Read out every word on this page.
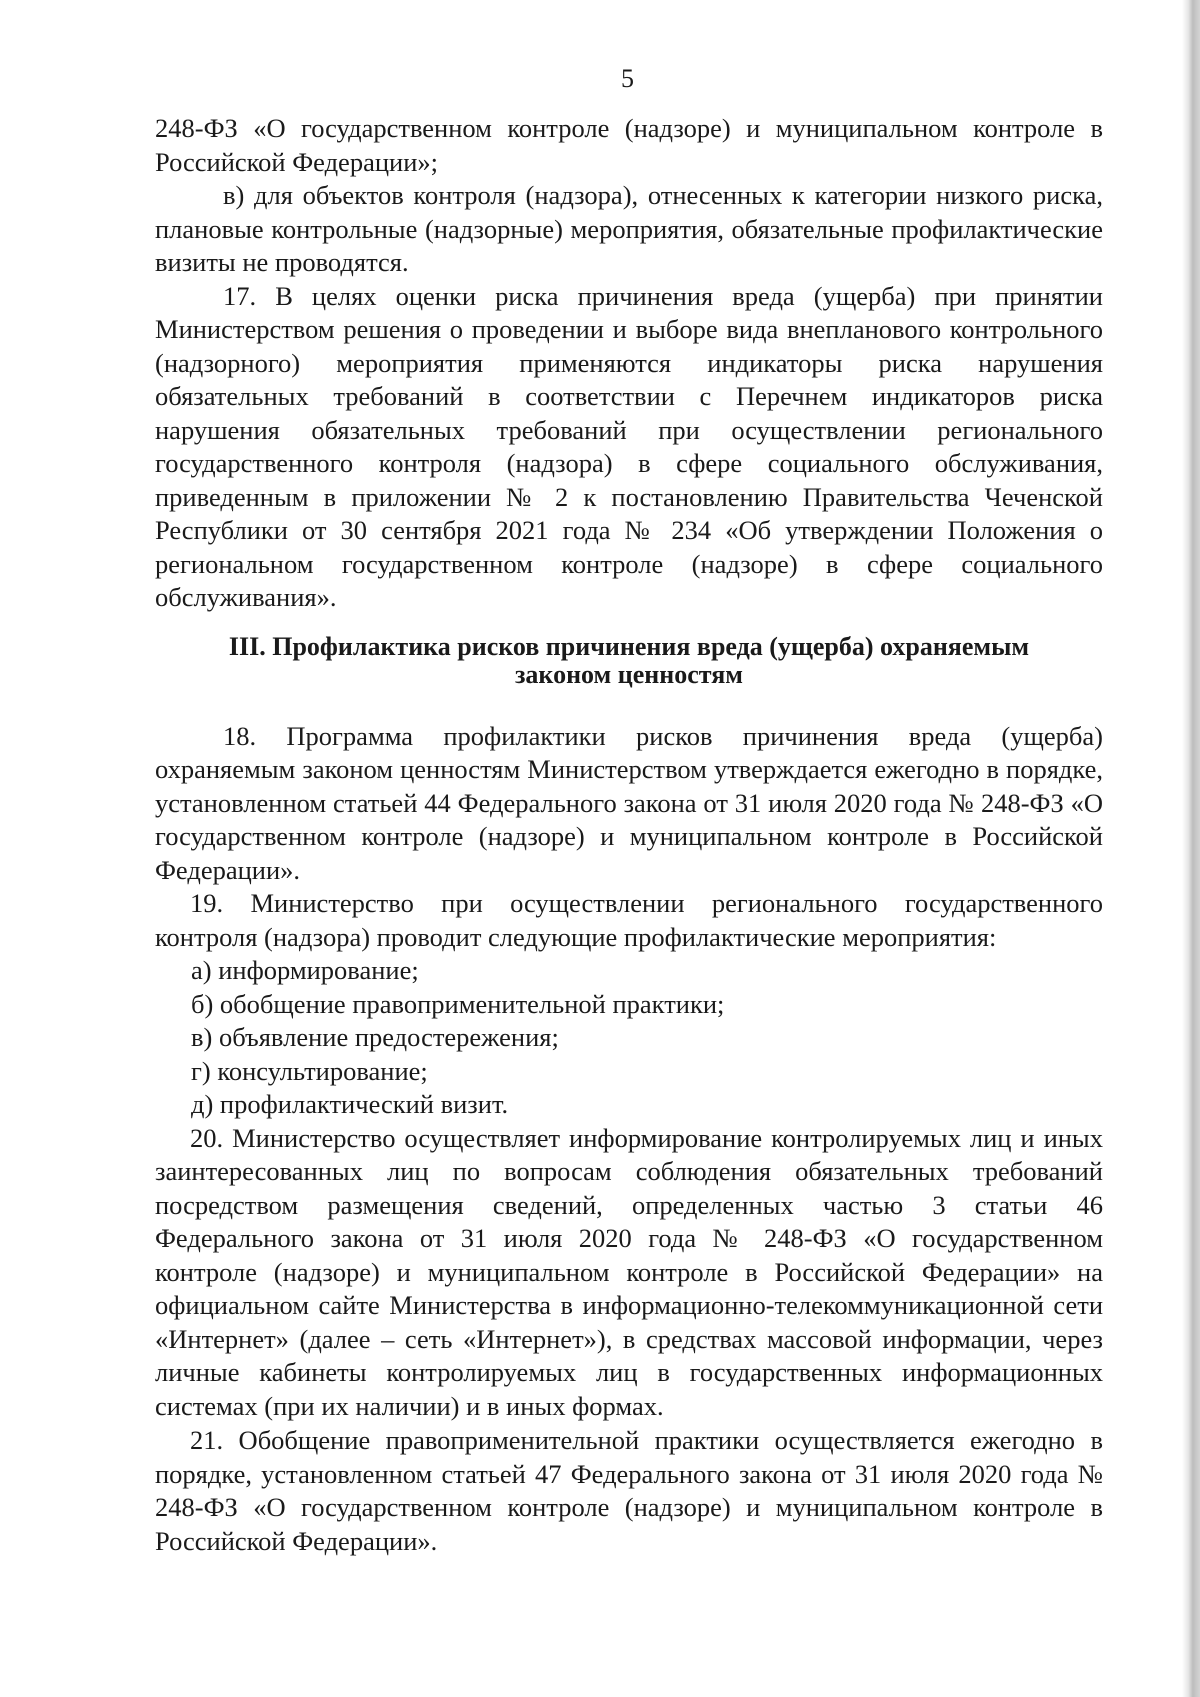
5

248-ФЗ «О государственном контроле (надзоре) и муниципальном контроле в Российской Федерации»;

в) для объектов контроля (надзора), отнесенных к категории низкого риска, плановые контрольные (надзорные) мероприятия, обязательные профилактические визиты не проводятся.

17. В целях оценки риска причинения вреда (ущерба) при принятии Министерством решения о проведении и выборе вида внепланового контрольного (надзорного) мероприятия применяются индикаторы риска нарушения обязательных требований в соответствии с Перечнем индикаторов риска нарушения обязательных требований при осуществлении регионального государственного контроля (надзора) в сфере социального обслуживания, приведенным в приложении № 2 к постановлению Правительства Чеченской Республики от 30 сентября 2021 года № 234 «Об утверждении Положения о региональном государственном контроле (надзоре) в сфере социального обслуживания».

III. Профилактика рисков причинения вреда (ущерба) охраняемым законом ценностям

18. Программа профилактики рисков причинения вреда (ущерба) охраняемым законом ценностям Министерством утверждается ежегодно в порядке, установленном статьей 44 Федерального закона от 31 июля 2020 года № 248-ФЗ «О государственном контроле (надзоре) и муниципальном контроле в Российской Федерации».

19. Министерство при осуществлении регионального государственного контроля (надзора) проводит следующие профилактические мероприятия:

а) информирование;

б) обобщение правоприменительной практики;

в) объявление предостережения;

г) консультирование;

д) профилактический визит.

20. Министерство осуществляет информирование контролируемых лиц и иных заинтересованных лиц по вопросам соблюдения обязательных требований посредством размещения сведений, определенных частью 3 статьи 46 Федерального закона от 31 июля 2020 года № 248-ФЗ «О государственном контроле (надзоре) и муниципальном контроле в Российской Федерации» на официальном сайте Министерства в информационно-телекоммуникационной сети «Интернет» (далее – сеть «Интернет»), в средствах массовой информации, через личные кабинеты контролируемых лиц в государственных информационных системах (при их наличии) и в иных формах.

21. Обобщение правоприменительной практики осуществляется ежегодно в порядке, установленном статьей 47 Федерального закона от 31 июля 2020 года № 248-ФЗ «О государственном контроле (надзоре) и муниципальном контроле в Российской Федерации».
